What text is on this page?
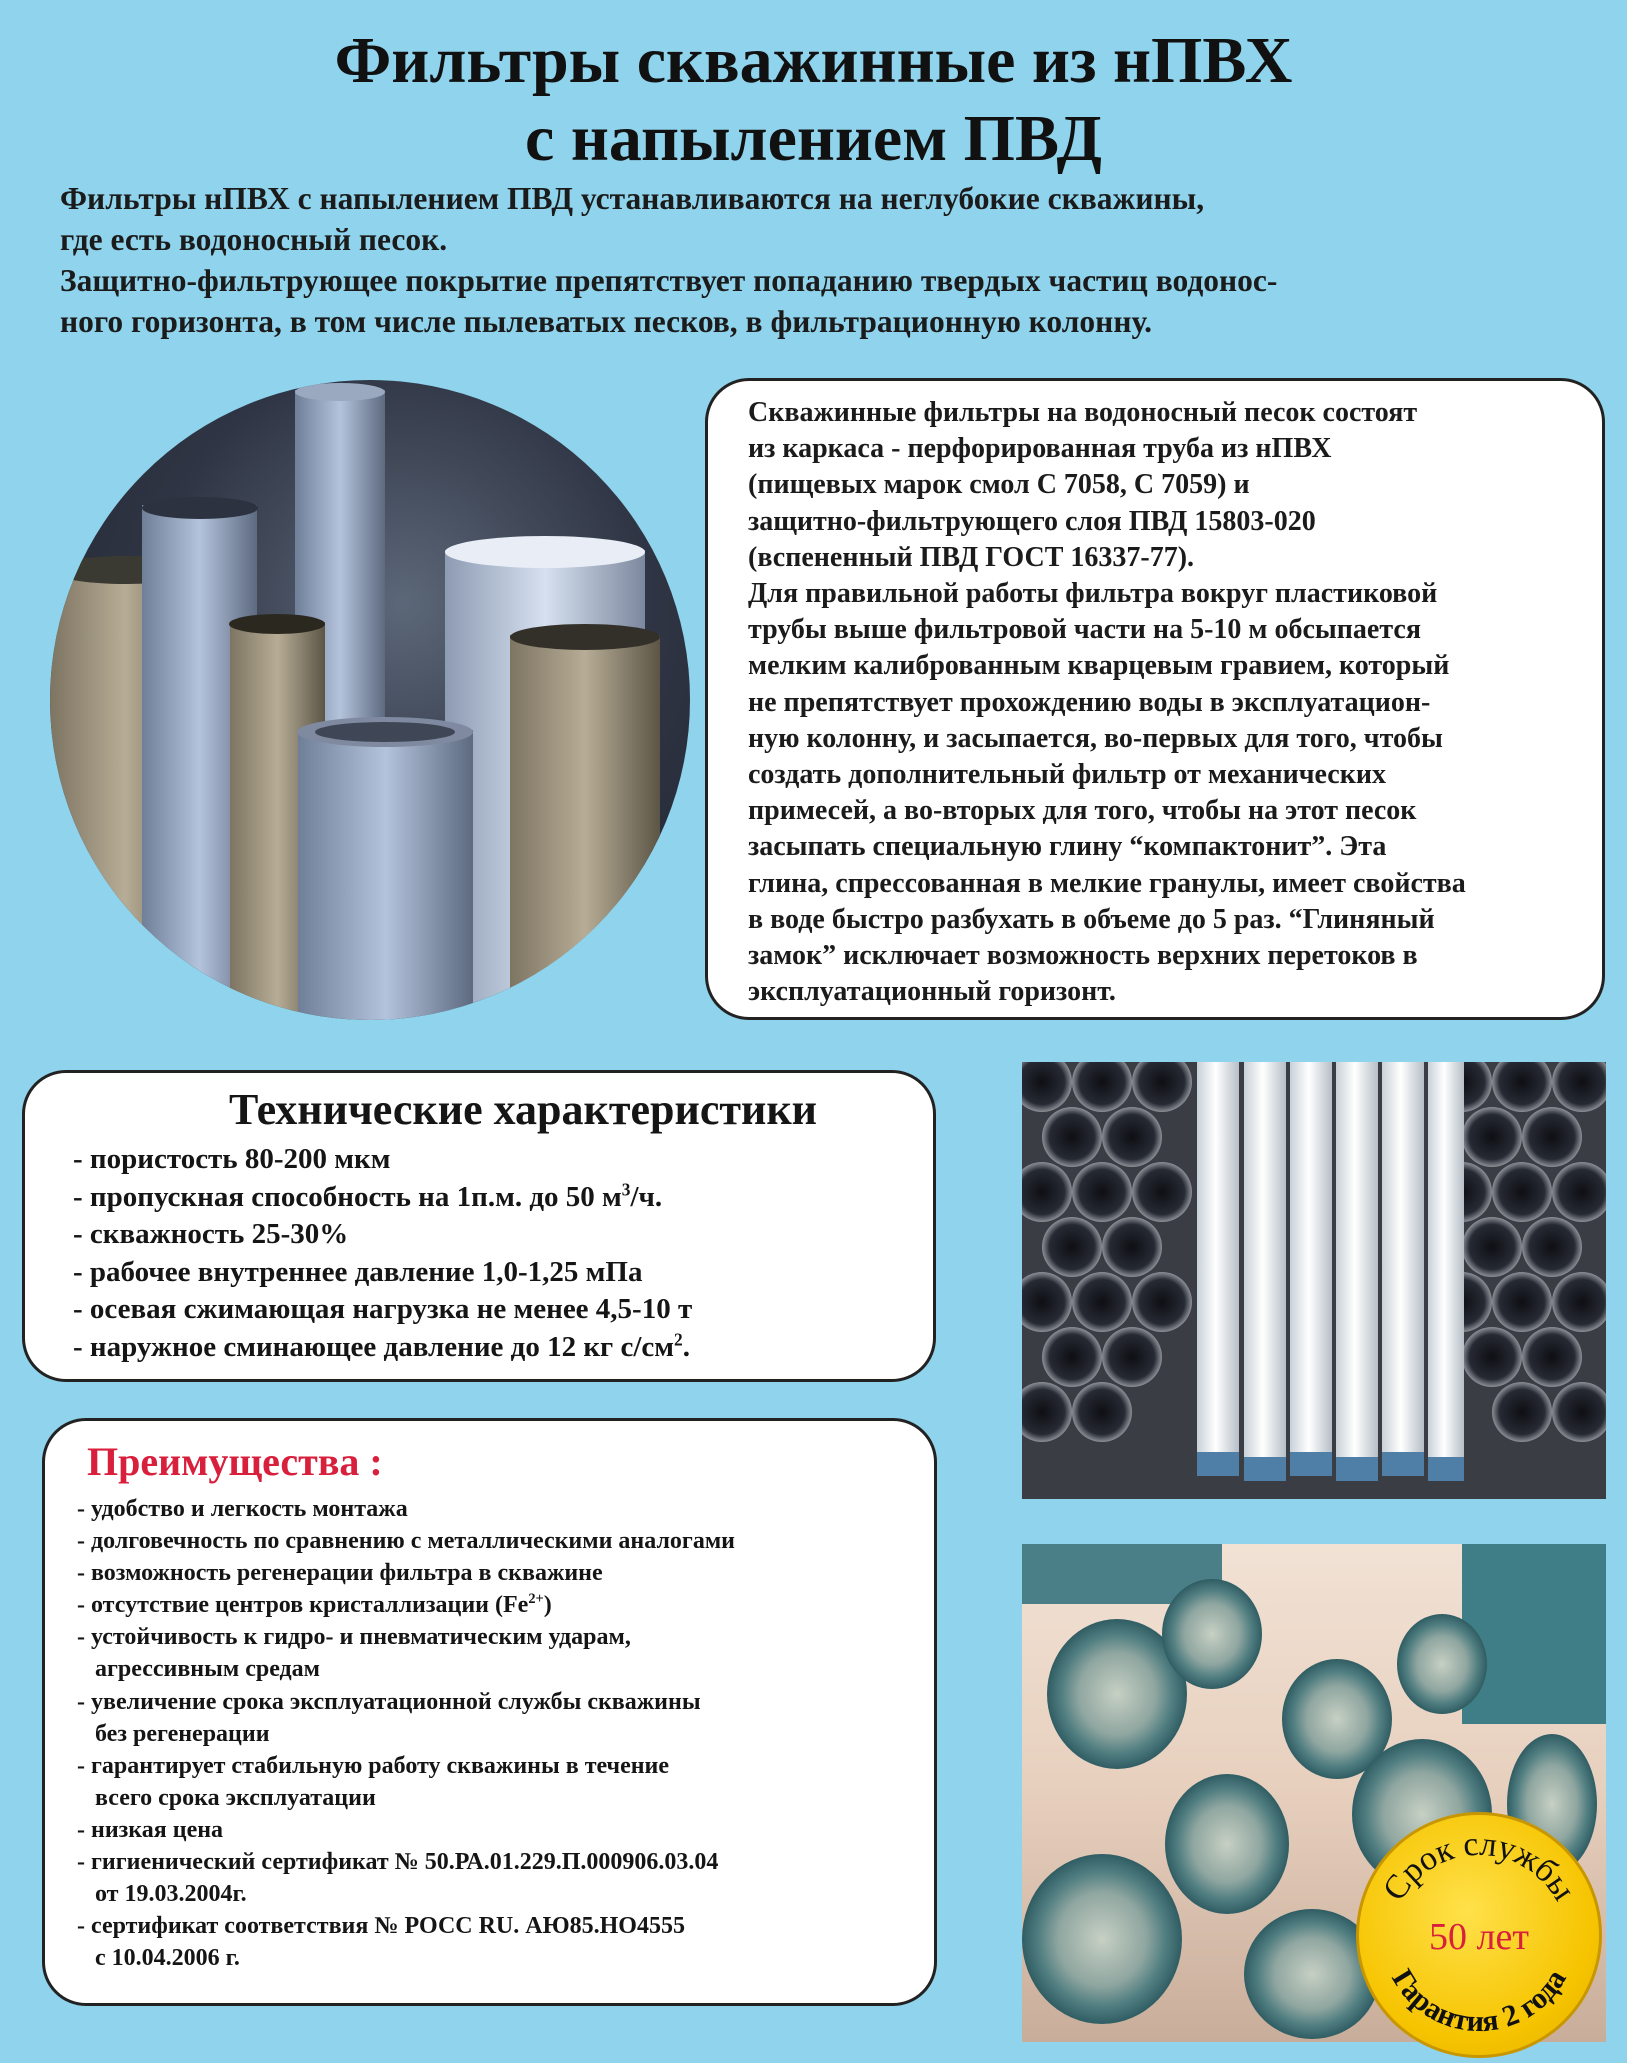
Фильтры скважинные из нПВХ
с напылением ПВД

Фильтры нПВХ с напылением ПВД устанавливаются на неглубокие скважины,

где есть водоносный песок.

Защитно-фильтрующее покрытие препятствует попаданию твердых частиц водонос-

ного горизонта, в том числе пылеватых песков, в фильтрационную колонну.

Скважинные фильтры на водоносный песок состоят

из каркаса - перфорированная труба из нПВХ

(пищевых марок смол С 7058, С 7059) и

защитно-фильтрующего слоя ПВД 15803-020

(вспененный ПВД ГОСТ 16337-77).

Для правильной работы фильтра вокруг пластиковой

трубы выше фильтровой части на 5-10 м обсыпается

мелким калиброванным кварцевым гравием, который

не препятствует прохождению воды в эксплуатацион-

ную колонну, и засыпается, во-первых для того, чтобы

создать дополнительный фильтр от механических

примесей, а во-вторых для того, чтобы на этот песок

засыпать специальную глину “компактонит”. Эта

глина, спрессованная в мелкие гранулы, имеет свойства

в воде быстро разбухать в объеме до 5 раз. “Глиняный

замок” исключает возможность верхних перетоков в

эксплуатационный горизонт.

Технические характеристики

- пористость 80-200 мкм
- пропускная способность на 1п.м. до 50 $м^3/ч$.
- скважность 25-30%
- рабочее внутреннее давление 1,0-1,25 мПа
- осевая сжимающая нагрузка не менее 4,5-10 т
- наружное сминающее давление до 12 кг $с/см^2$.

Преимущества :

- удобство и легкость монтажа
- долговечность по сравнению с металлическими аналогами
- возможность регенерации фильтра в скважине
- отсутствие центров кристаллизации $(Fe^{2+})$
- устойчивость к гидро- и пневматическим ударам,
агрессивным средам
- увеличение срока эксплуатационной службы скважины
без регенерации
- гарантирует стабильную работу скважины в течение
всего срока эксплуатации
- низкая цена
- гигиенический сертификат № 50.РА.01.229.П.000906.03.04
от 19.03.2004г.
- сертификат соответствия № РОСС RU. АЮ85.НО4555
с 10.04.2006 г.
Срок службы
Гарантия 2 года
50 лет
